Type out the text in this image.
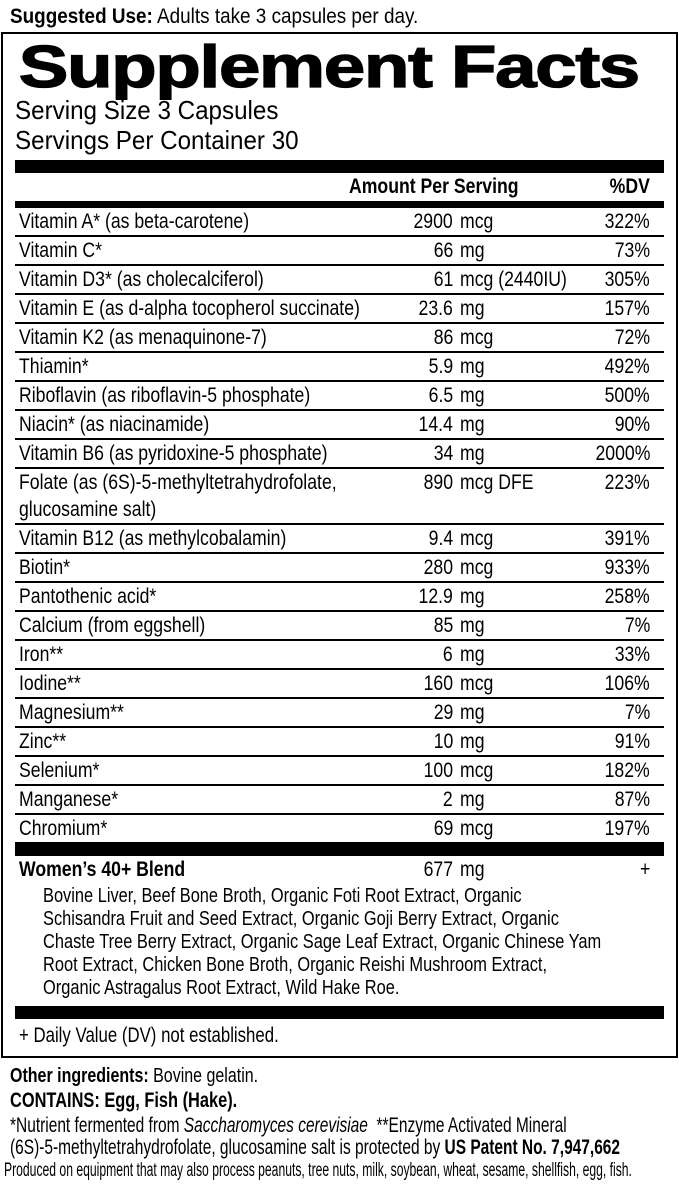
Suggested Use: Adults take 3 capsules per day.
Supplement Facts
Serving Size 3 Capsules
Servings Per Container 30
Amount Per Serving	%DV
Vitamin A* (as beta-carotene)	2900 mcg	322%
Vitamin C*	66 mg	73%
Vitamin D3* (as cholecalciferol)	61 mcg (2440IU)	305%
Vitamin E (as d-alpha tocopherol succinate)	23.6 mg	157%
Vitamin K2 (as menaquinone-7)	86 mcg	72%
Thiamin*	5.9 mg	492%
Riboflavin (as riboflavin-5 phosphate)	6.5 mg	500%
Niacin* (as niacinamide)	14.4 mg	90%
Vitamin B6 (as pyridoxine-5 phosphate)	34 mg	2000%
Folate (as (6S)-5-methyltetrahydrofolate,
glucosamine salt)
890 mcg DFE	223%
Vitamin B12 (as methylcobalamin)	9.4 mcg	391%
Biotin*	280 mcg	933%
Pantothenic acid*	12.9 mg	258%
Calcium (from eggshell)	85 mg	7%
Iron**	6 mg	33%
Iodine**	160 mcg	106%
Magnesium**	29 mg	7%
Zinc**	10 mg	91%
Selenium*	100 mcg	182%
Manganese*	2 mg	87%
Chromium*	69 mcg	197%
Women’s 40+ Blend	677 mg	+
Bovine Liver, Beef Bone Broth, Organic Foti Root Extract, Organic
Schisandra Fruit and Seed Extract, Organic Goji Berry Extract, Organic
Chaste Tree Berry Extract, Organic Sage Leaf Extract, Organic Chinese Yam
Root Extract, Chicken Bone Broth, Organic Reishi Mushroom Extract,
Organic Astragalus Root Extract, Wild Hake Roe.
+ Daily Value (DV) not established.
Other ingredients: Bovine gelatin.
CONTAINS: Egg, Fish (Hake).
*Nutrient fermented from Saccharomyces cerevisiae  **Enzyme Activated Mineral
(6S)-5-methyltetrahydrofolate, glucosamine salt is protected by US Patent No. 7,947,662
Produced on equipment that may also process peanuts, tree nuts, milk, soybean, wheat, sesame, shellfish, egg, fish.
